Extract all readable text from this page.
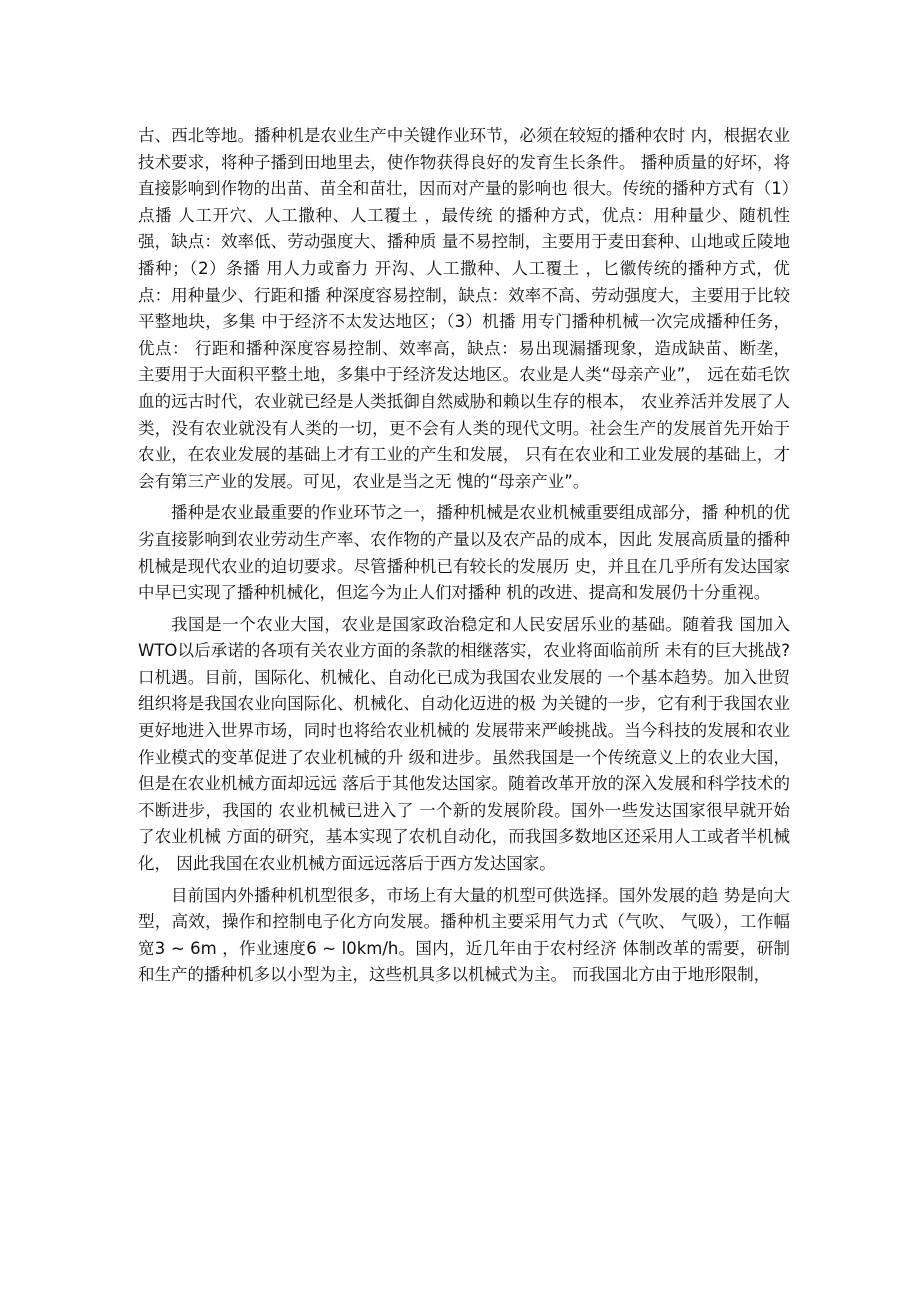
古、西北等地。播种机是农业生产中关键作业环节，必须在较短的播种农时 内，根据农业技术要求，将种子播到田地里去，使作物获得良好的发育生长条件。 播种质量的好坏，将直接影响到作物的出苗、苗全和苗壮，因而对产量的影响也 很大。传统的播种方式有（1）点播 人工开穴、人工撒种、人工覆土 ，最传统 的播种方式，优点：用种量少、随机性强，缺点：效率低、劳动强度大、播种质 量不易控制，主要用于麦田套种、山地或丘陵地播种；（2）条播 用人力或畜力 开沟、人工撒种、人工覆土 ，匕徽传统的播种方式，优点：用种量少、行距和播 种深度容易控制，缺点：效率不高、劳动强度大，主要用于比较平整地块，多集 中于经济不太发达地区；（3）机播 用专门播种机械一次完成播种任务，优点： 行距和播种深度容易控制、效率高，缺点：易出现漏播现象，造成缺苗、断垄， 主要用于大面积平整土地，多集中于经济发达地区。农业是人类“母亲产业”， 远在茹毛饮血的远古时代，农业就已经是人类抵御自然威胁和赖以生存的根本， 农业养活并发展了人类，没有农业就没有人类的一切，更不会有人类的现代文明。社会生产的发展首先开始于农业，在农业发展的基础上才有工业的产生和发展， 只有在农业和工业发展的基础上，才会有第三产业的发展。可见，农业是当之无 愧的“母亲产业”。

播种是农业最重要的作业环节之一，播种机械是农业机械重要组成部分，播 种机的优劣直接影响到农业劳动生产率、农作物的产量以及农产品的成本，因此 发展高质量的播种机械是现代农业的迫切要求。尽管播种机已有较长的发展历 史，并且在几乎所有发达国家中早已实现了播种机械化，但迄今为止人们对播种 机的改进、提高和发展仍十分重视。

我国是一个农业大国，农业是国家政治稳定和人民安居乐业的基础。随着我 国加入WTO以后承诺的各项有关农业方面的条款的相继落实，农业将面临前所 未有的巨大挑战?口机遇。目前，国际化、机械化、自动化已成为我国农业发展的 一个基本趋势。加入世贸组织将是我国农业向国际化、机械化、自动化迈进的极 为关键的一步，它有利于我国农业更好地进入世界市场，同时也将给农业机械的 发展带来严峻挑战。当今科技的发展和农业作业模式的变革促进了农业机械的升 级和进步。虽然我国是一个传统意义上的农业大国，但是在农业机械方面却远远 落后于其他发达国家。随着改革开放的深入发展和科学技术的不断进步，我国的 农业机械已进入了 一个新的发展阶段。国外一些发达国家很早就开始了农业机械 方面的研究，基本实现了农机自动化，而我国多数地区还采用人工或者半机械化， 因此我国在农业机械方面远远落后于西方发达国家。

目前国内外播种机机型很多，市场上有大量的机型可供选择。国外发展的趋 势是向大型，高效，操作和控制电子化方向发展。播种机主要采用气力式（气吹、 气吸），工作幅宽3 ~ 6m ，作业速度6 ~ l0km/h。国内，近几年由于农村经济 体制改革的需要，研制和生产的播种机多以小型为主，这些机具多以机械式为主。 而我国北方由于地形限制，
